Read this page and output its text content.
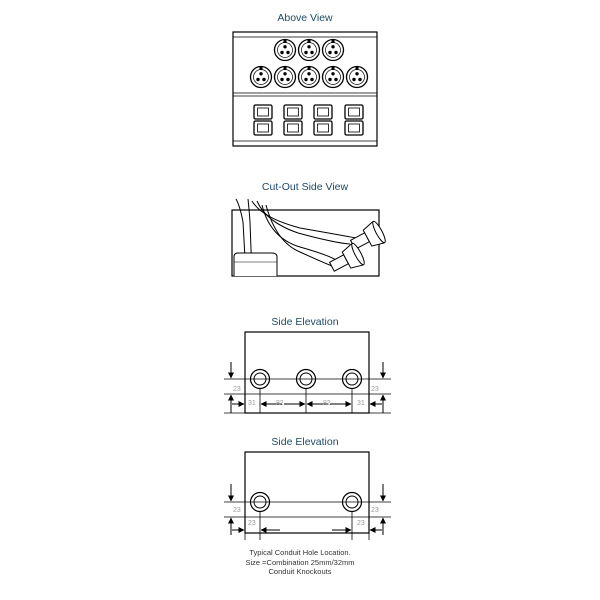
Above View
Cut-Out Side View
Side Elevation
Side Elevation
23	23
31	82	82	31
23	23
23	23
Typical Conduit Hole Location.
Size =Combination 25mm/32mm
Conduit Knockouts
